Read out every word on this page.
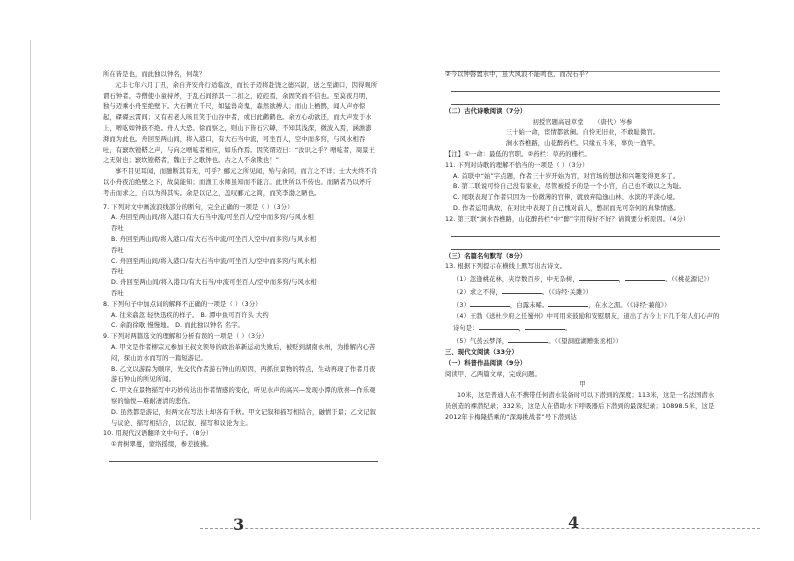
所在皆是也，而此独以钟名，何哉？

元丰七年六月丁丑，余自齐安舟行适临汝，而长子迈将赴饶之德兴尉，送之至湖口，因得观所谓石钟者。寺僧使小童持斧，于乱石间择其一二扣之，硿硿焉，余固笑而不信也。至莫夜月明，独与迈乘小舟至绝壁下。大石侧立千尺，如猛兽奇鬼，森然欲搏人；而山上栖鹘，闻人声亦惊起，磔磔云霄间；又有若老人咳且笑于山谷中者，或曰此鹳鹤也。余方心动欲还，而大声发于水上，噌吰如钟鼓不绝。舟人大恐。徐而察之，则山下皆石穴罅，不知其浅深，微波入焉，涵澹澎湃而为此也。舟回至两山间，将入港口，有大石当中流，可坐百人，空中而多窍，与风水相吞吐，有窾坎镗鞳之声，与向之噌吰者相应，如乐作焉。因笑谓迈曰：“汝识之乎？噌吰者，周景王之无射也；窾坎镗鞳者，魏庄子之歌钟也。古之人不余欺也！”

事不目见耳闻，而臆断其有无，可乎？郦元之所见闻，殆与余同，而言之不详；士大夫终不肯以小舟夜泊绝壁之下，故莫能知；而渔工水师虽知而不能言。此世所以不传也。而陋者乃以斧斤考击而求之，自以为得其实。余是以记之，盖叹郦元之简，而笑李渤之陋也。

7. 下列对文中画波浪线部分的断句，完全正确的一项是（ ）（3分）

A. 舟回至两山间/将入港口有大石当中流/可坐百人/空中而多窍/与风水相

吞吐

B. 舟回至两山间/将入港口/有大石当中流/可坐百人空中/而多窍/与风水相

吞吐

C. 舟回至两山间/将入港口/有大石当中流/可坐百人/空中而多窍/与风水相

吞吐

D. 舟回至两山间/将入港口/有大石当/中流可坐百人/空中而多窍/与风水相

吞吐

8. 下列句子中加点词的解释不正确的一项是（ ）（3分）

A. 往来翕忽 轻快迅疾的样子。 B. 潭中鱼可百许头 大约

C. 余韵徐歇 慢慢地。 D. 而此独以钟名 名字。

9. 下列对两篇选文的理解和分析有误的一项是（ ）（3分）

A. 甲文是作者柳宗元参加王叔文领导的政治革新运动失败后，被贬到湖南永州，为排解内心苦闷，探山访水而写的一篇短游记。

B. 乙文以游踪为顺序，先交代作者游石钟山的原因，再抓住景物的特点，生动再现了作者月夜游石钟山的所见所闻。

C. 甲文在景物描写中巧妙传达出作者情感的变化，听见水声的高兴—发现小潭的欣喜—作乐观察的愉悦—难耐凄清的悲伤。

D. 虽然都是游记，但两文在写法上却各有千秋。甲文记叙和描写相结合，融情于景；乙文记叙与议论、描写相结合，以记叙、描写和议论为主。

10. 用现代汉语翻译文中句子。（8分）

①青树翠蔓，蒙络摇缀，参差披拂。

3

②今以钟磬置水中，虽大风浪不能鸣也，而况石乎？

（二）古代诗歌阅读（7分）

初授官题高冠草堂 （唐代）岑参

三十始一命，宦情都欲阑。自怜无旧业，不敢耻微官。

涧水吞樵路，山花醉药栏。只缘五斗米，辜负一渔竿。

【注】①一命：最低的官职。②药栏：草药的栅栏。

11. 下列对诗歌的理解不恰当的一项是（ ）（3分）

A. 首联中“始”字点题，作者三十岁开始为官，对官场的想法和兴趣变得更多了。

B. 第二联说可怜自己没有家业，尽管被授予的是一个小官，自己也不敢以之为耻。

C. 尾联表现了作者只因为一份微薄的官俸，就放弃隐逸山林、水滨的平淡心境。

D. 作者运用典故，在对比中表现了自己愧对前人，憋屈而无可奈何的真挚情感。

12. 第三联“涧水吞樵路，山花醉药栏”中“醉”字用得好不好？请简要分析原因。（4分）

（三）名篇名句默写（8分）

13. 根据下列提示在横线上默写出古诗文。

（1）忽逢桃花林，夹岸数百步，中无杂树，	，	。（《桃花源记》）

（2）求之不得，	。（《诗经·关雎》）

（3）	，白露未晞。	，在水之湄。（《诗经·蒹葭》）

（4）王勃《送杜少府之任蜀州》中可用来鼓励和安慰朋友，道出了古今上下几千年人们心声的诗句是：	，	。

（5）气蒸云梦泽，	。（《望洞庭湖赠张丞相》）

三、现代文阅读（33分）

（一）科普作品阅读（9分）

阅读甲、乙两篇文章，完成问题。

甲

10米，这是普通人在不携带任何潜水装备时可以下潜到的深度；113米，这是一名法国潜水员创造的裸潜纪录；332米，这是人在借助水下呼吸器后下潜到的最深纪录；10898.5米，这是2012年卡梅隆搭乘的“深海挑战者”号下潜到达

4
